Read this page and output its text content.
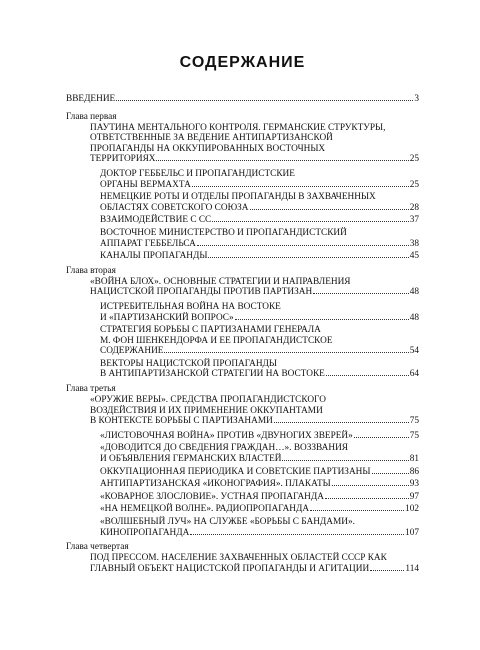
СОДЕРЖАНИЕ
ВВЕДЕНИЕ	3
Глава первая
ПАУТИНА МЕНТАЛЬНОГО КОНТРОЛЯ. ГЕРМАНСКИЕ СТРУКТУРЫ,
ОТВЕТСТВЕННЫЕ ЗА ВЕДЕНИЕ АНТИПАРТИЗАНСКОЙ
ПРОПАГАНДЫ НА ОККУПИРОВАННЫХ ВОСТОЧНЫХ
ТЕРРИТОРИЯХ	25
ДОКТОР ГЕББЕЛЬС И ПРОПАГАНДИСТСКИЕ
ОРГАНЫ ВЕРМАХТА	25
НЕМЕЦКИЕ РОТЫ И ОТДЕЛЫ ПРОПАГАНДЫ В ЗАХВАЧЕННЫХ
ОБЛАСТЯХ СОВЕТСКОГО СОЮЗА	28
ВЗАИМОДЕЙСТВИЕ С СС	37
ВОСТОЧНОЕ МИНИСТЕРСТВО И ПРОПАГАНДИСТСКИЙ
АППАРАТ ГЕББЕЛЬСА	38
КАНАЛЫ ПРОПАГАНДЫ	45
Глава вторая
«ВОЙНА БЛОХ». ОСНОВНЫЕ СТРАТЕГИИ И НАПРАВЛЕНИЯ
НАЦИСТСКОЙ ПРОПАГАНДЫ ПРОТИВ ПАРТИЗАН	48
ИСТРЕБИТЕЛЬНАЯ ВОЙНА НА ВОСТОКЕ
И «ПАРТИЗАНСКИЙ ВОПРОС»	48
СТРАТЕГИЯ БОРЬБЫ С ПАРТИЗАНАМИ ГЕНЕРАЛА
М. ФОН ШЕНКЕНДОРФА И ЕЕ ПРОПАГАНДИСТСКОЕ
СОДЕРЖАНИЕ	54
ВЕКТОРЫ НАЦИСТСКОЙ ПРОПАГАНДЫ
В АНТИПАРТИЗАНСКОЙ СТРАТЕГИИ НА ВОСТОКЕ	64
Глава третья
«ОРУЖИЕ ВЕРЫ». СРЕДСТВА ПРОПАГАНДИСТСКОГО
ВОЗДЕЙСТВИЯ И ИХ ПРИМЕНЕНИЕ ОККУПАНТАМИ
В КОНТЕКСТЕ БОРЬБЫ С ПАРТИЗАНАМИ	75
«ЛИСТОВОЧНАЯ ВОЙНА» ПРОТИВ «ДВУНОГИХ ЗВЕРЕЙ»	75
«ДОВОДИТСЯ ДО СВЕДЕНИЯ ГРАЖДАН…». ВОЗЗВАНИЯ
И ОБЪЯВЛЕНИЯ ГЕРМАНСКИХ ВЛАСТЕЙ	81
ОККУПАЦИОННАЯ ПЕРИОДИКА И СОВЕТСКИЕ ПАРТИЗАНЫ	86
АНТИПАРТИЗАНСКАЯ «ИКОНОГРАФИЯ». ПЛАКАТЫ	93
«КОВАРНОЕ ЗЛОСЛОВИЕ». УСТНАЯ ПРОПАГАНДА	97
«НА НЕМЕЦКОЙ ВОЛНЕ». РАДИОПРОПАГАНДА	102
«ВОЛШЕБНЫЙ ЛУЧ» НА СЛУЖБЕ «БОРЬБЫ С БАНДАМИ».
КИНОПРОПАГАНДА	107
Глава четвертая
ПОД ПРЕССОМ. НАСЕЛЕНИЕ ЗАХВАЧЕННЫХ ОБЛАСТЕЙ СССР КАК
ГЛАВНЫЙ ОБЪЕКТ НАЦИСТСКОЙ ПРОПАГАНДЫ И АГИТАЦИИ	114
